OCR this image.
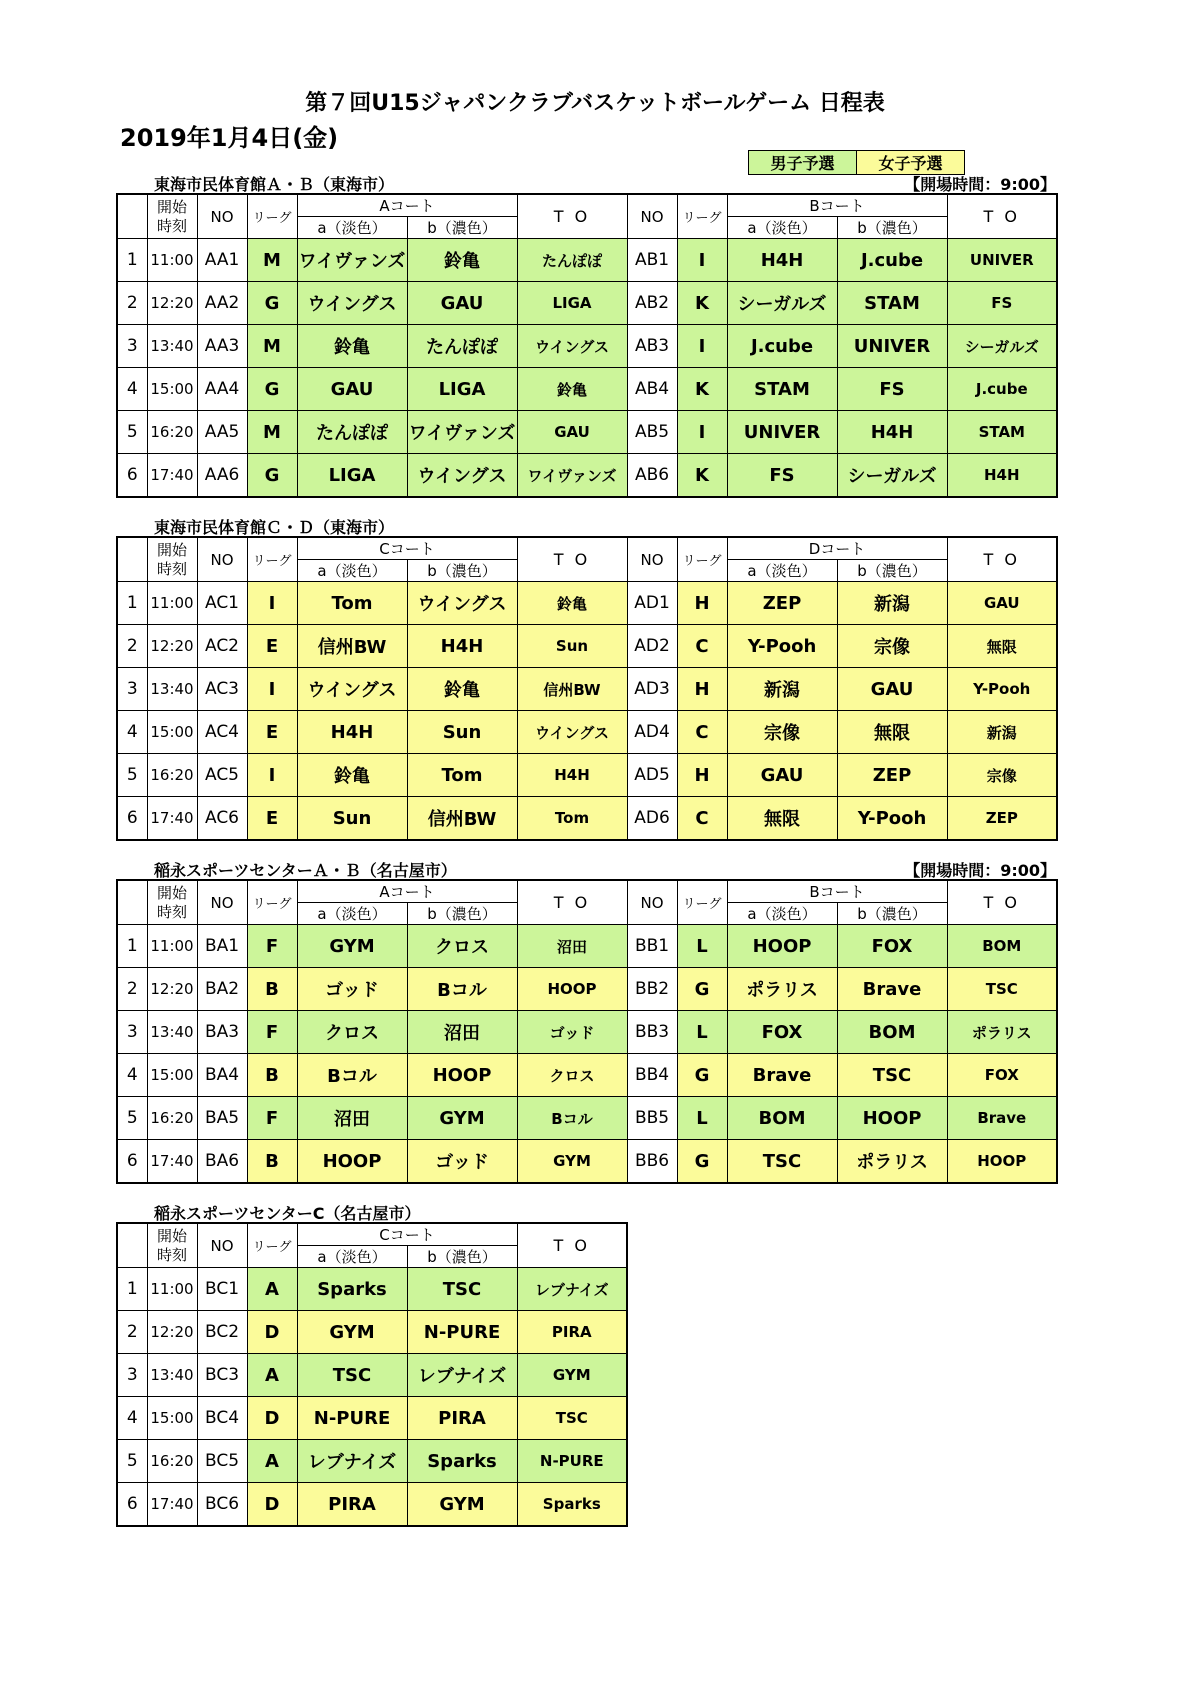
第７回U15ジャパンクラブバスケットボールゲーム 日程表
2019年1月4日(金)
男子予選	女子予選
東海市民体育館Ａ・Ｂ（東海市）	【開場時間：9:00】

	開始
時刻	NO	リーグ	Aコート		T O	NO	リーグ	Bコート		T O
				a（淡色）	b（濃色）				a（淡色）	b（濃色）	
1	11:00	AA1	M	ワイヴァンズ	鈴亀	たんぽぽ	AB1	I	H4H	J.cube	UNIVER
2	12:20	AA2	G	ウイングス	GAU	LIGA	AB2	K	シーガルズ	STAM	FS
3	13:40	AA3	M	鈴亀	たんぽぽ	ウイングス	AB3	I	J.cube	UNIVER	シーガルズ
4	15:00	AA4	G	GAU	LIGA	鈴亀	AB4	K	STAM	FS	J.cube
5	16:20	AA5	M	たんぽぽ	ワイヴァンズ	GAU	AB5	I	UNIVER	H4H	STAM
6	17:40	AA6	G	LIGA	ウイングス	ワイヴァンズ	AB6	K	FS	シーガルズ	H4H
東海市民体育館Ｃ・Ｄ（東海市）

	開始
時刻	NO	リーグ	Cコート		T O	NO	リーグ	Dコート		T O
				a（淡色）	b（濃色）				a（淡色）	b（濃色）	
1	11:00	AC1	I	Tom	ウイングス	鈴亀	AD1	H	ZEP	新潟	GAU
2	12:20	AC2	E	信州BW	H4H	Sun	AD2	C	Y-Pooh	宗像	無限
3	13:40	AC3	I	ウイングス	鈴亀	信州BW	AD3	H	新潟	GAU	Y-Pooh
4	15:00	AC4	E	H4H	Sun	ウイングス	AD4	C	宗像	無限	新潟
5	16:20	AC5	I	鈴亀	Tom	H4H	AD5	H	GAU	ZEP	宗像
6	17:40	AC6	E	Sun	信州BW	Tom	AD6	C	無限	Y-Pooh	ZEP
稲永スポーツセンターＡ・Ｂ（名古屋市）	【開場時間：9:00】

	開始
時刻	NO	リーグ	Aコート		T O	NO	リーグ	Bコート		T O
				a（淡色）	b（濃色）				a（淡色）	b（濃色）	
1	11:00	BA1	F	GYM	クロス	沼田	BB1	L	HOOP	FOX	BOM
2	12:20	BA2	B	ゴッド	Bコル	HOOP	BB2	G	ポラリス	Brave	TSC
3	13:40	BA3	F	クロス	沼田	ゴッド	BB3	L	FOX	BOM	ポラリス
4	15:00	BA4	B	Bコル	HOOP	クロス	BB4	G	Brave	TSC	FOX
5	16:20	BA5	F	沼田	GYM	Bコル	BB5	L	BOM	HOOP	Brave
6	17:40	BA6	B	HOOP	ゴッド	GYM	BB6	G	TSC	ポラリス	HOOP
稲永スポーツセンターC（名古屋市）

	開始
時刻	NO	リーグ	Cコート		T O
				a（淡色）	b（濃色）	
1	11:00	BC1	A	Sparks	TSC	レブナイズ
2	12:20	BC2	D	GYM	N-PURE	PIRA
3	13:40	BC3	A	TSC	レブナイズ	GYM
4	15:00	BC4	D	N-PURE	PIRA	TSC
5	16:20	BC5	A	レブナイズ	Sparks	N-PURE
6	17:40	BC6	D	PIRA	GYM	Sparks
